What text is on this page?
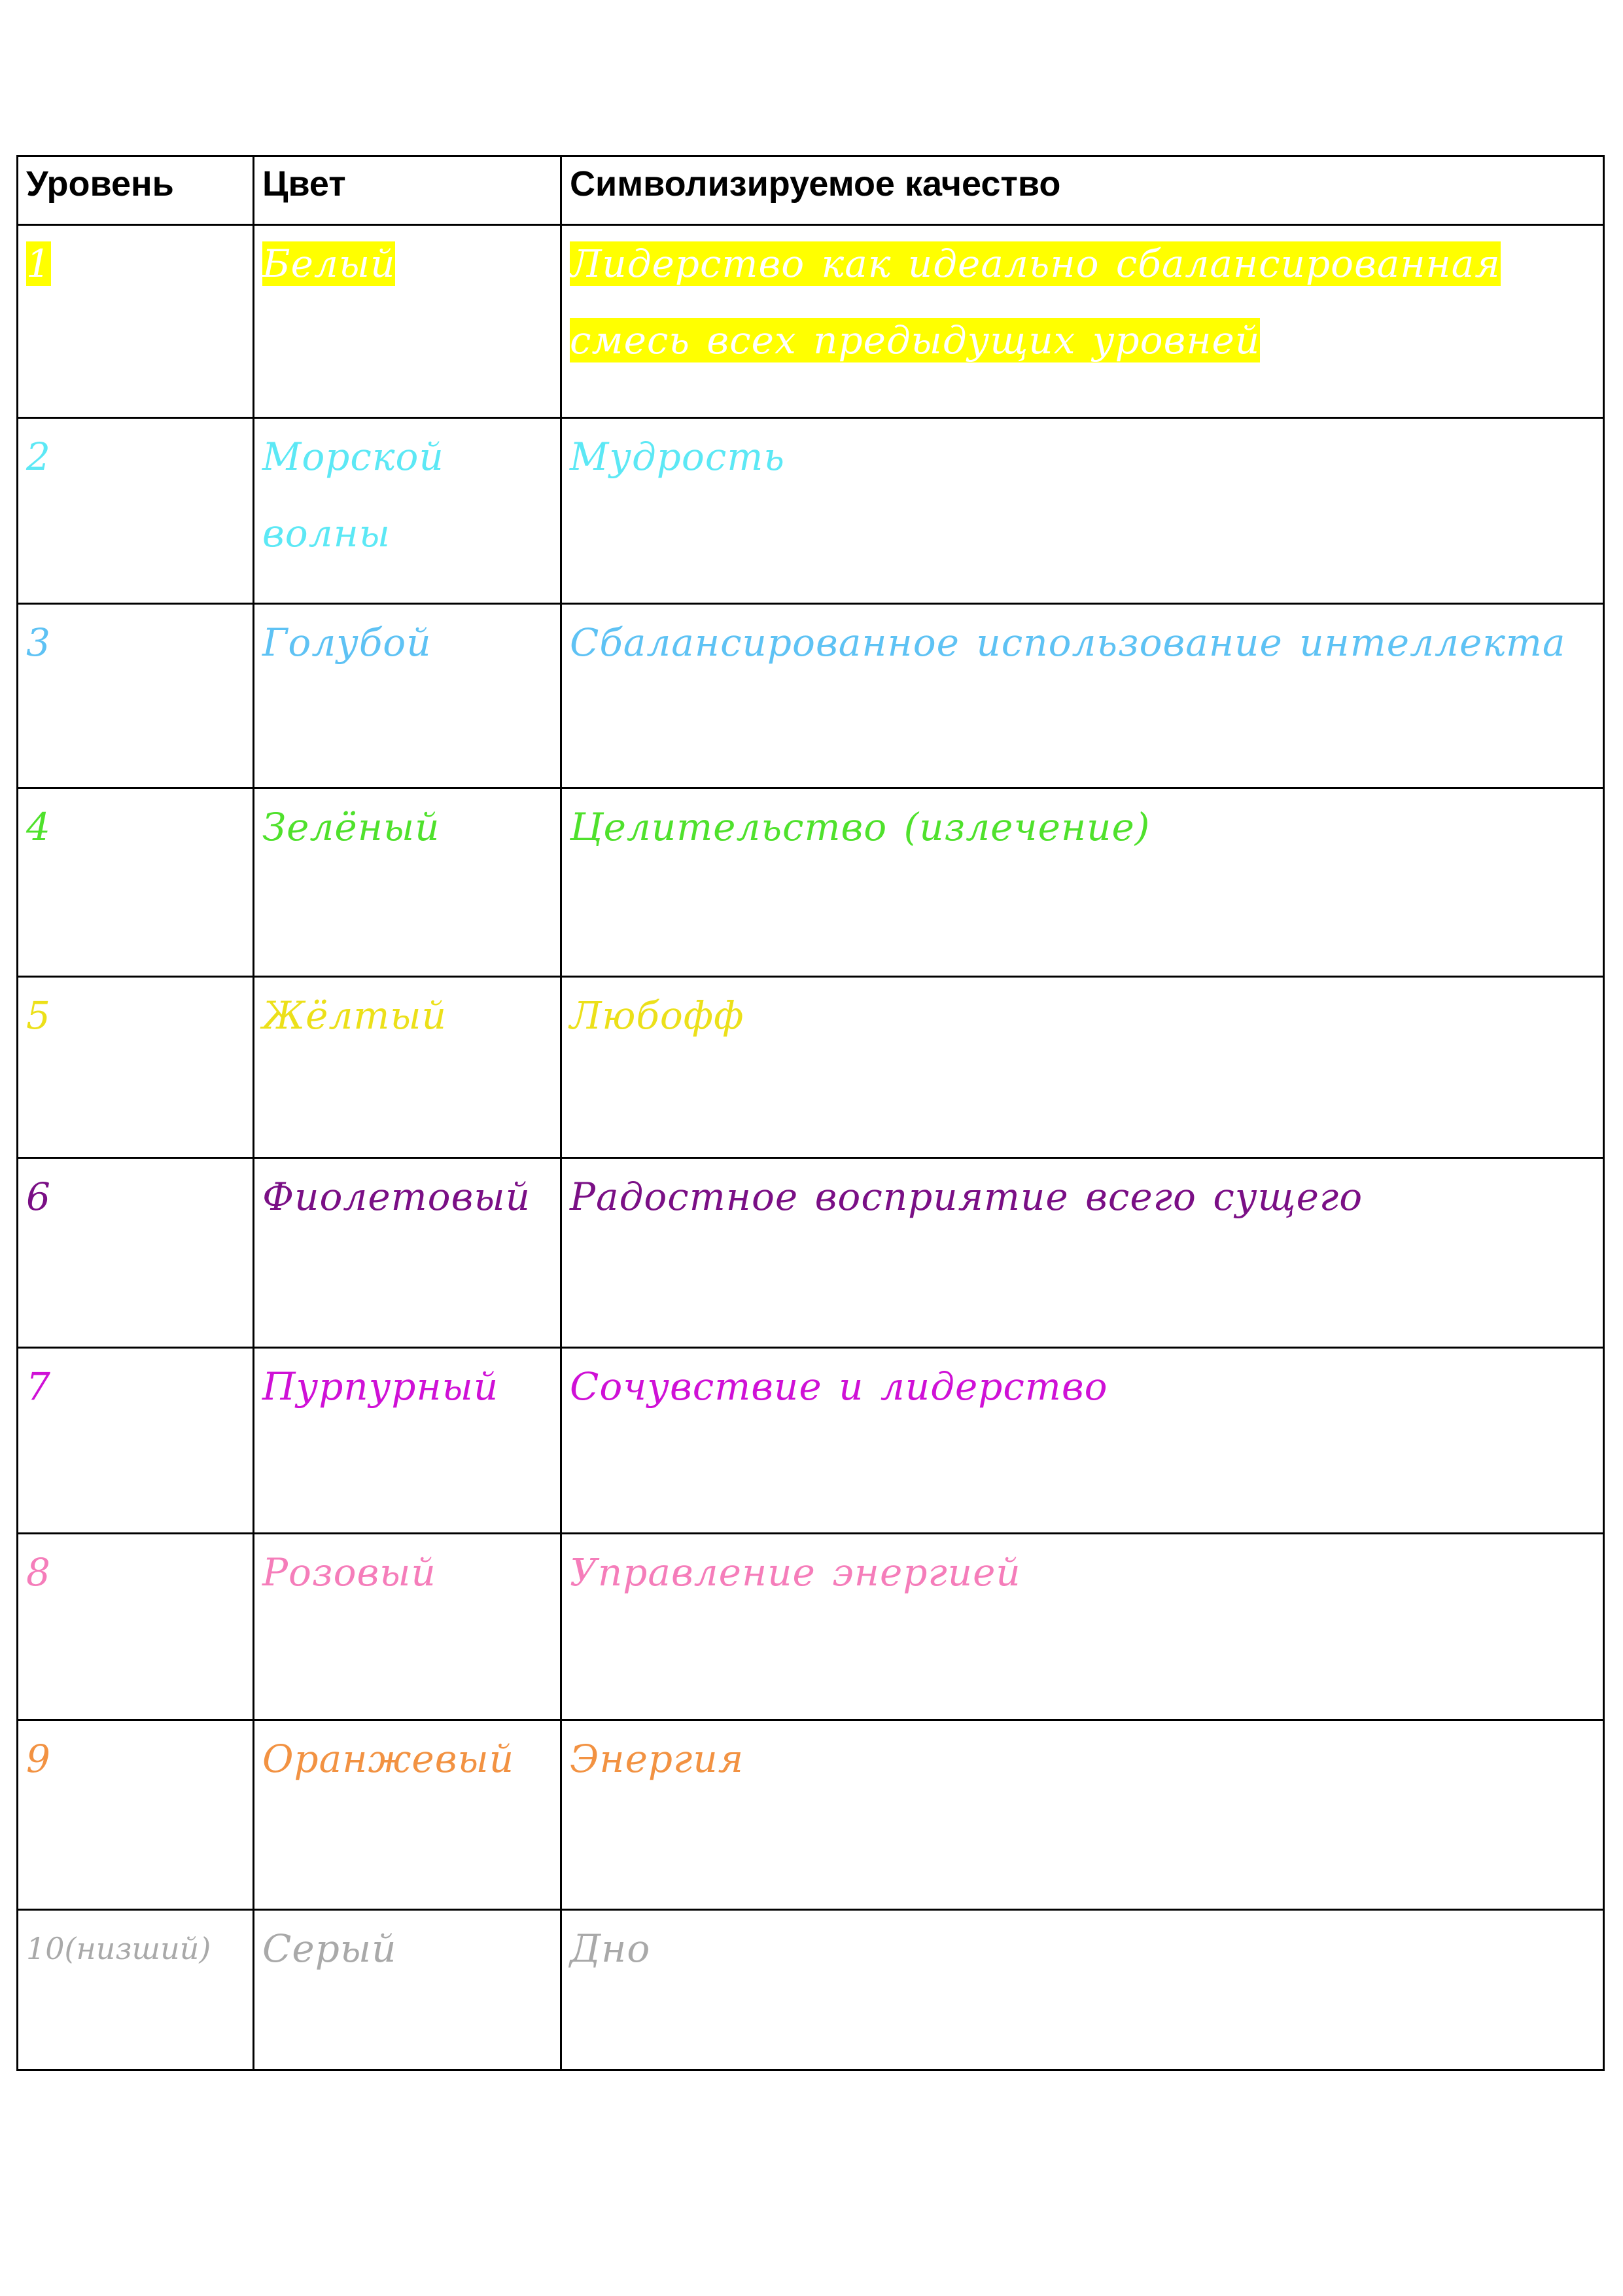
Уровень	Цвет	Символизируемое качество

1	Белый	Лидерство как идеально сбалансированная смесь всех предыдущих уровней

2	Морской волны	Мудрость

3	Голубой	Сбалансированное использование интеллекта

4	Зелёный	Целительство (излечение)

5	Жёлтый	Любофф

6	Фиолетовый	Радостное восприятие всего сущего

7	Пурпурный	Сочувствие и лидерство

8	Розовый	Управление энергией

9	Оранжевый	Энергия

10(низший)	Серый	Дно
